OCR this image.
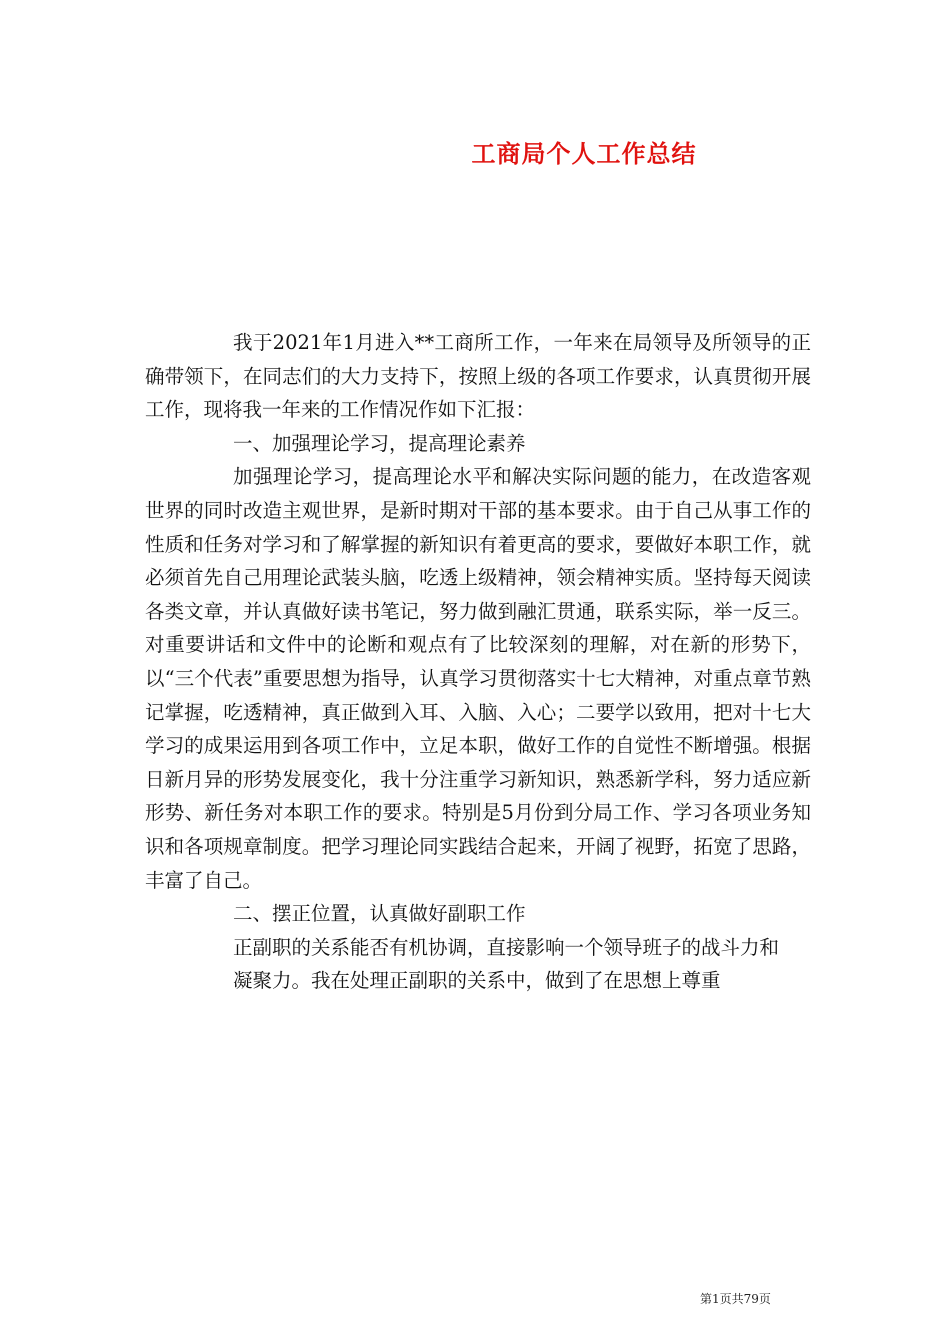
工商局个人工作总结

我于2021年1月进入**工商所工作，一年来在局领导及所领导的正确带领下，在同志们的大力支持下，按照上级的各项工作要求，认真贯彻开展工作，现将我一年来的工作情况作如下汇报：

一、加强理论学习，提高理论素养

加强理论学习，提高理论水平和解决实际问题的能力，在改造客观世界的同时改造主观世界，是新时期对干部的基本要求。由于自己从事工作的性质和任务对学习和了解掌握的新知识有着更高的要求，要做好本职工作，就必须首先自己用理论武装头脑，吃透上级精神，领会精神实质。坚持每天阅读各类文章，并认真做好读书笔记，努力做到融汇贯通，联系实际，举一反三。对重要讲话和文件中的论断和观点有了比较深刻的理解，对在新的形势下，以“三个代表”重要思想为指导，认真学习贯彻落实十七大精神，对重点章节熟记掌握，吃透精神，真正做到入耳、入脑、入心；二要学以致用，把对十七大学习的成果运用到各项工作中，立足本职，做好工作的自觉性不断增强。根据日新月异的形势发展变化，我十分注重学习新知识，熟悉新学科，努力适应新形势、新任务对本职工作的要求。特别是5月份到分局工作、学习各项业务知识和各项规章制度。把学习理论同实践结合起来，开阔了视野，拓宽了思路，丰富了自己。

二、摆正位置，认真做好副职工作

正副职的关系能否有机协调，直接影响一个领导班子的战斗力和

凝聚力。我在处理正副职的关系中，做到了在思想上尊重

第1页共79页
